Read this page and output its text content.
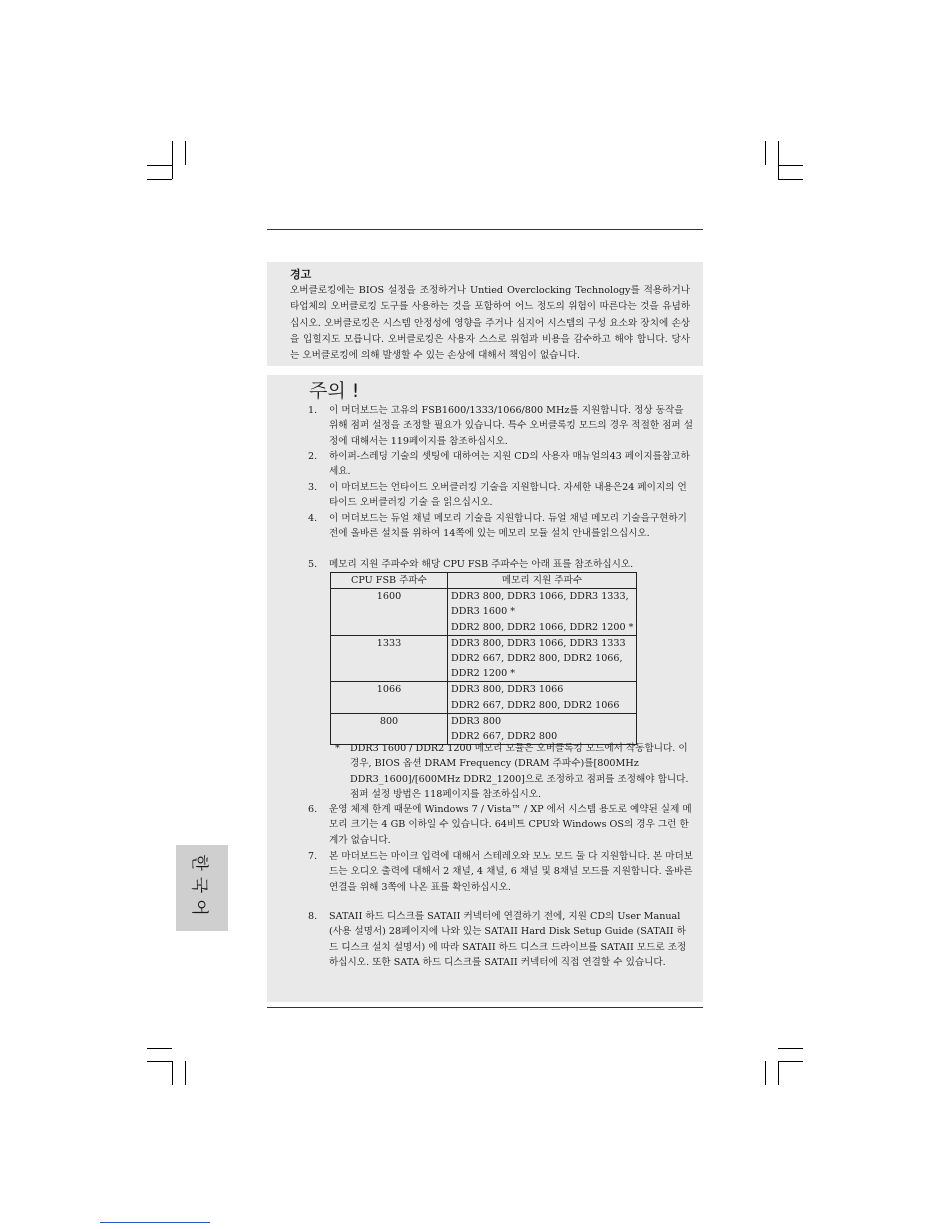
경고
오버클로킹에는 BIOS 설정을 조정하거나 Untied Overclocking Technology를 적용하거나 타업체의 오버클로킹 도구를 사용하는 것을 포함하여 어느 정도의 위험이 따른다는 것을 유념하십시오. 오버클로킹은 시스템 안정성에 영향을 주거나 심지어 시스템의 구성 요소와 장치에 손상을 입힐지도 모릅니다. 오버클로킹은 사용자 스스로 위험과 비용을 감수하고 해야 합니다. 당사는 오버클로킹에 의해 발생할 수 있는 손상에 대해서 책임이 없습니다.
주의 !
1. 이 머더보드는 고유의 FSB1600/1333/1066/800 MHz를 지원합니다. 정상 동작을 위해 점퍼 설정을 조정할 필요가 있습니다. 특수 오버클록킹 모드의 경우 적절한 점퍼 설정에 대해서는 119페이지를 참조하십시오.
2. 하이퍼-스레딩 기술의 셋팅에 대하여는 지원 CD의 사용자 매뉴얼의43 페이지를참고하세요.
3. 이 마더보드는 언타이드 오버클러킹 기술을 지원합니다. 자세한 내용은24 페이지의 언타이드 오버클러킹 기술 을 읽으십시오.
4. 이 머더보드는 듀얼 채널 메모리 기술을 지원합니다. 듀얼 채널 메모리 기술을구현하기 전에 올바른 설치를 위하여 14쪽에 있는 메모리 모듈 설치 안내를읽으십시오.
5. 메모리 지원 주파수와 해당 CPU FSB 주파수는 아래 표를 참조하십시오.
CPU FSB 주파수	메모리 지원 주파수
1600	DDR3 800, DDR3 1066, DDR3 1333,
DDR3 1600 *
DDR2 800, DDR2 1066, DDR2 1200 *

1333	DDR3 800, DDR3 1066, DDR3 1333
DDR2 667, DDR2 800, DDR2 1066,
DDR2 1200 *

1066	DDR3 800, DDR3 1066
DDR2 667, DDR2 800, DDR2 1066

800	DDR3 800
DDR2 667, DDR2 800
*	DDR3 1600 / DDR2 1200 메모리 모듈은 오버클록킹 모드에서 작동합니다. 이 경우, BIOS 옵션 DRAM Frequency (DRAM 주파수)를[800MHz DDR3_1600]/[600MHz DDR2_1200]으로 조정하고 점퍼를 조정해야 합니다. 점퍼 설정 방법은 118페이지를 참조하십시오.
6. 운영 체제 한계 때문에 Windows 7 / Vista™ / XP 에서 시스템 용도로 예약된 실제 메모리 크기는 4 GB 이하일 수 있습니다. 64비트 CPU와 Windows OS의 경우 그런 한계가 없습니다.
7. 본 마더보드는 마이크 입력에 대해서 스테레오와 모노 모드 둘 다 지원합니다. 본 마더보드는 오디오 출력에 대해서 2 채널, 4 채널, 6 채널 및 8채널 모드를 지원합니다. 올바른 연결을 위해 3쪽에 나온 표를 확인하십시오.
8. SATAII 하드 디스크를 SATAII 커넥터에 연결하기 전에, 지원 CD의 User Manual (사용 설명서) 28페이지에 나와 있는 SATAII Hard Disk Setup Guide (SATAII 하드 디스크 설치 설명서) 에 따라 SATAII 하드 디스크 드라이브를 SATAII 모드로 조정하십시오. 또한 SATA 하드 디스크를 SATAII 커넥터에 직접 연결할 수 있습니다.
한국어
